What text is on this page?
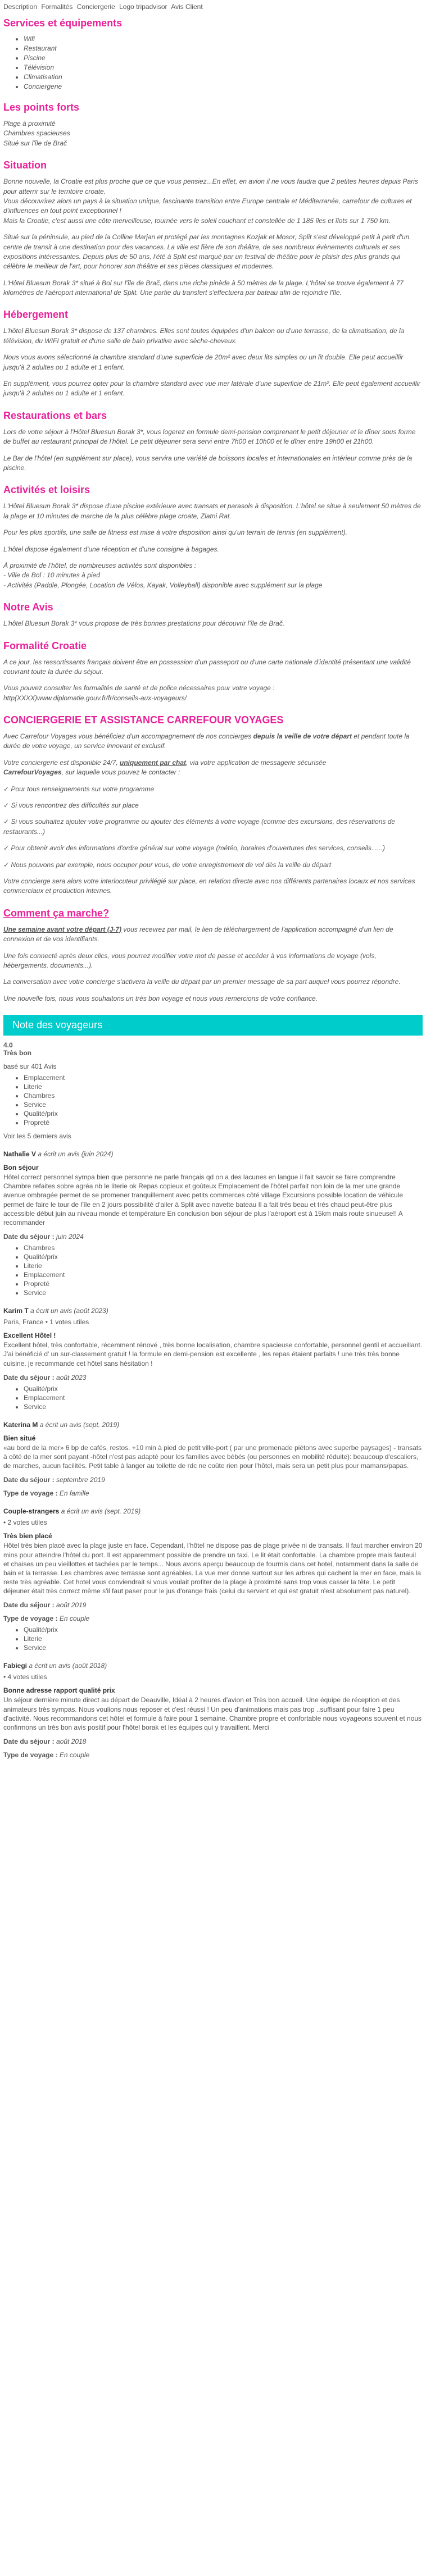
Description Formalités Conciergerie Logo tripadvisor Avis Client
Services et équipements
• Wifi
• Restaurant
• Piscine
• Télévision
• Climatisation
• Conciergerie
Les points forts

Plage à proximité
Chambres spacieuses
Situé sur l'île de Brač

Situation

Bonne nouvelle, la Croatie est plus proche que ce que vous pensiez...En effet, en avion il ne vous faudra que 2 petites heures depuis Paris pour atterrir sur le territoire croate.
Vous découvrirez alors un pays à la situation unique, fascinante transition entre Europe centrale et Méditerranée, carrefour de cultures et d'influences en tout point exceptionnel !
Mais la Croatie, c'est aussi une côte merveilleuse, tournée vers le soleil couchant et constellée de 1 185 îles et îlots sur 1 750 km.

Situé sur la péninsule, au pied de la Colline Marjan et protégé par les montagnes Kozjak et Mosor, Split s'est développé petit à petit d'un centre de transit à une destination pour des vacances. La ville est fière de son théâtre, de ses nombreux évènements culturels et ses expositions intéressantes. Depuis plus de 50 ans, l'été à Split est marqué par un festival de théâtre pour le plaisir des plus grands qui célèbre le meilleur de l'art, pour honorer son théâtre et ses pièces classiques et modernes.

L'Hôtel Bluesun Borak 3* situé à Bol sur l'île de Brač, dans une riche pinède à 50 mètres de la plage. L'hôtel se trouve également à 77 kilomètres de l'aéroport international de Split. Une partie du transfert s'effectuera par bateau afin de rejoindre l'île.

Hébergement

L'hôtel Bluesun Borak 3* dispose de 137 chambres. Elles sont toutes équipées d'un balcon ou d'une terrasse, de la climatisation, de la télévision, du WIFI gratuit et d'une salle de bain privative avec sèche-cheveux.

Nous vous avons sélectionné la chambre standard d'une superficie de 20m² avec deux lits simples ou un lit double. Elle peut accueillir jusqu'à 2 adultes ou 1 adulte et 1 enfant.

En supplément, vous pourrez opter pour la chambre standard avec vue mer latérale d'une superficie de 21m². Elle peut également accueillir jusqu'à 2 adultes ou 1 adulte et 1 enfant.

Restaurations et bars

Lors de votre séjour à l'Hôtel Bluesun Borak 3*, vous logerez en formule demi-pension comprenant le petit déjeuner et le dîner sous forme de buffet au restaurant principal de l'hôtel. Le petit déjeuner sera servi entre 7h00 et 10h00 et le dîner entre 19h00 et 21h00.

Le Bar de l'hôtel (en supplément sur place), vous servira une variété de boissons locales et internationales en intérieur comme près de la piscine.

Activités et loisirs

L'Hôtel Bluesun Borak 3* dispose d'une piscine extérieure avec transats et parasols à disposition. L'hôtel se situe à seulement 50 mètres de la plage et 10 minutes de marche de la plus célèbre plage croate, Zlatni Rat.

Pour les plus sportifs, une salle de fitness est mise à votre disposition ainsi qu'un terrain de tennis (en supplément).

L'hôtel dispose également d'une réception et d'une consigne à bagages.

À proximité de l'hôtel, de nombreuses activités sont disponibles :
- Ville de Bol : 10 minutes à pied
- Activités (Paddle, Plongée, Location de Vélos, Kayak, Volleyball) disponible avec supplément sur la plage

Notre Avis

L'hôtel Bluesun Borak 3* vous propose de très bonnes prestations pour découvrir l'île de Brač.

Formalité Croatie

A ce jour, les ressortissants français doivent être en possession d'un passeport ou d'une carte nationale d'identité présentant une validité couvrant toute la durée du séjour.

Vous pouvez consulter les formalités de santé et de police nécessaires pour votre voyage :
http(XXXX)www.diplomatie.gouv.fr/fr/conseils-aux-voyageurs/

CONCIERGERIE ET ASSISTANCE CARREFOUR VOYAGES

Avec Carrefour Voyages vous bénéficiez d'un accompagnement de nos concierges depuis la veille de votre départ et pendant toute la durée de votre voyage, un service innovant et exclusif.

Votre conciergerie est disponible 24/7, uniquement par chat, via votre application de messagerie sécurisée
CarrefourVoyages, sur laquelle vous pouvez le contacter :

✓ Pour tous renseignements sur votre programme

✓ Si vous rencontrez des difficultés sur place

✓ Si vous souhaitez ajouter votre programme ou ajouter des éléments à votre voyage (comme des excursions, des réservations de restaurants...)

✓ Pour obtenir avoir des informations d'ordre général sur votre voyage (météo, horaires d'ouvertures des services, conseils......)

✓ Nous pouvons par exemple, nous occuper pour vous, de votre enregistrement de vol dès la veille du départ

Votre concierge sera alors votre interlocuteur privilégié sur place, en relation directe avec nos différents partenaires locaux et nos services commerciaux et production internes.

Comment ça marche?

Une semaine avant votre départ (J-7) vous recevrez par mail, le lien de téléchargement de l'application accompagné d'un lien de connexion et de vos identifiants.

Une fois connecté après deux clics, vous pourrez modifier votre mot de passe et accéder à vos informations de voyage (vols, hébergements, documents...).

La conversation avec votre concierge s'activera la veille du départ par un premier message de sa part auquel vous pourrez répondre.

Une nouvelle fois, nous vous souhaitons un très bon voyage et nous vous remercions de votre confiance.

Note des voyageurs
4.0
Très bon
basé sur 401 Avis
• Emplacement
• Literie
• Chambres
• Service
• Qualité/prix
• Propreté
Voir les 5 derniers avis
Nathalie V a écrit un avis (juin 2024)
Bon séjour
Hôtel correct personnel sympa bien que personne ne parle français qd on a des lacunes en langue il fait savoir se faire comprendre Chambre refaites sobre agréa nb le literie ok Repas copieux et goûteux Emplacement de l'hôtel parfait non loin de la mer une grande avenue ombragée permet de se promener tranquillement avec petits commerces côté village Excursions possible location de véhicule permet de faire le tour de l'île en 2 jours possibilité d'aller à Split avec navette bateau Il a fait très beau et très chaud peut-être plus accessible début juin au niveau monde et température En conclusion bon séjour de plus l'aéroport est à 15km mais route sinueuse!! A recommander
Date du séjour : juin 2024
• Chambres
• Qualité/prix
• Literie
• Emplacement
• Propreté
• Service
Karim T a écrit un avis (août 2023)
Paris, France • 1 votes utiles
Excellent Hôtel !
Excellent hôtel, très confortable, récemment rénové , très bonne localisation, chambre spacieuse confortable, personnel gentil et accueillant. J'ai bénéficié d' un sur-classement gratuit ! la formule en demi-pension est excellente , les repas étaient parfaits ! une très très bonne cuisine. je recommande cet hôtel sans hésitation !
Date du séjour : août 2023
• Qualité/prix
• Emplacement
• Service
Katerina M a écrit un avis (sept. 2019)
Bien situé
«au bord de la mer» 6 bp de cafés, restos. +10 min à pied de petit ville-port ( par une promenade piétons avec superbe paysages) - transats à côté de la mer sont payant -hôtel n'est pas adapté pour les familles avec bébés (ou personnes en mobilité réduite): beaucoup d'escaliers, de marches, aucun facilités. Petit table à langer au toilette de rdc ne coûte rien pour l'hôtel, mais sera un petit plus pour mamans/papas.
Date du séjour : septembre 2019
Type de voyage : En famille
Couple-strangers a écrit un avis (sept. 2019)
• 2 votes utiles
Très bien placé
Hôtel très bien placé avec la plage juste en face. Cependant, l'hôtel ne dispose pas de plage privée ni de transats. Il faut marcher environ 20 mins pour atteindre l'hôtel du port. Il est apparemment possible de prendre un taxi. Le lit était confortable. La chambre propre mais fauteuil et chaises un peu vieillottes et tachées par le temps... Nous avons aperçu beaucoup de fourmis dans cet hotel, notamment dans la salle de bain et la terrasse. Les chambres avec terrasse sont agréables. La vue mer donne surtout sur les arbres qui cachent la mer en face, mais la reste très agréable. Cet hotel vous conviendrait si vous voulait profiter de la plage à proximité sans trop vous casser la tête. Le petit déjeuner était très correct même s'il faut paser pour le jus d'orange frais (celui du servent et qui est gratuit n'est absolument pas naturel).
Date du séjour : août 2019
Type de voyage : En couple
• Qualité/prix
• Literie
• Service
Fabiegi a écrit un avis (août 2018)
• 4 votes utiles
Bonne adresse rapport qualité prix
Un séjour dernière minute direct au départ de Deauville, Idéal à 2 heures d'avion et Très bon accueil. Une équipe de réception et des animateurs très sympas. Nous voulions nous reposer et c'est réussi ! Un peu d'animations mais pas trop ..suffisant pour faire 1 peu d'activité. Nous recommandons cet hôtel et formule à faire pour 1 semaine. Chambre propre et confortable nous voyageons souvent et nous confirmons un très bon avis positif pour l'hôtel borak et les équipes qui y travaillent. Merci
Date du séjour : août 2018
Type de voyage : En couple
